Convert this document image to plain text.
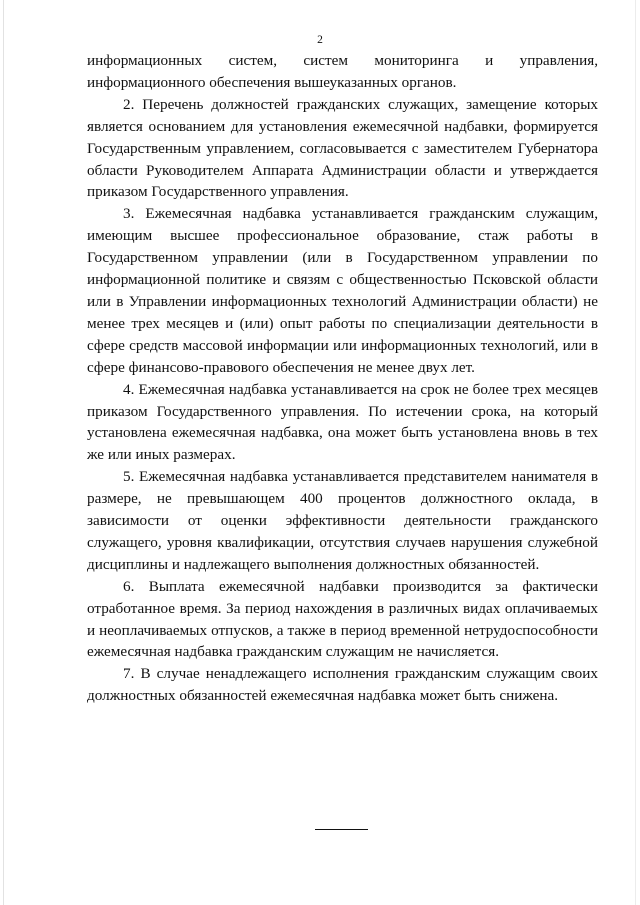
2

информационных систем, систем мониторинга и управления, информационного обеспечения вышеуказанных органов.

2. Перечень должностей гражданских служащих, замещение которых является основанием для установления ежемесячной надбавки, формируется Государственным управлением, согласовывается с заместителем Губернатора области Руководителем Аппарата Администрации области и утверждается приказом Государственного управления.

3. Ежемесячная надбавка устанавливается гражданским служащим, имеющим высшее профессиональное образование, стаж работы в Государственном управлении (или в Государственном управлении по информационной политике и связям с общественностью Псковской области или в Управлении информационных технологий Администрации области) не менее трех месяцев и (или) опыт работы по специализации деятельности в сфере средств массовой информации или информационных технологий, или в сфере финансово-правового обеспечения не менее двух лет.

4. Ежемесячная надбавка устанавливается на срок не более трех месяцев приказом Государственного управления. По истечении срока, на который установлена ежемесячная надбавка, она может быть установлена вновь в тех же или иных размерах.

5. Ежемесячная надбавка устанавливается представителем нанимателя в размере, не превышающем 400 процентов должностного оклада, в зависимости от оценки эффективности деятельности гражданского служащего, уровня квалификации, отсутствия случаев нарушения служебной дисциплины и надлежащего выполнения должностных обязанностей.

6. Выплата ежемесячной надбавки производится за фактически отработанное время. За период нахождения в различных видах оплачиваемых и неоплачиваемых отпусков, а также в период временной нетрудоспособности ежемесячная надбавка гражданским служащим не начисляется.

7. В случае ненадлежащего исполнения гражданским служащим своих должностных обязанностей ежемесячная надбавка может быть снижена.
